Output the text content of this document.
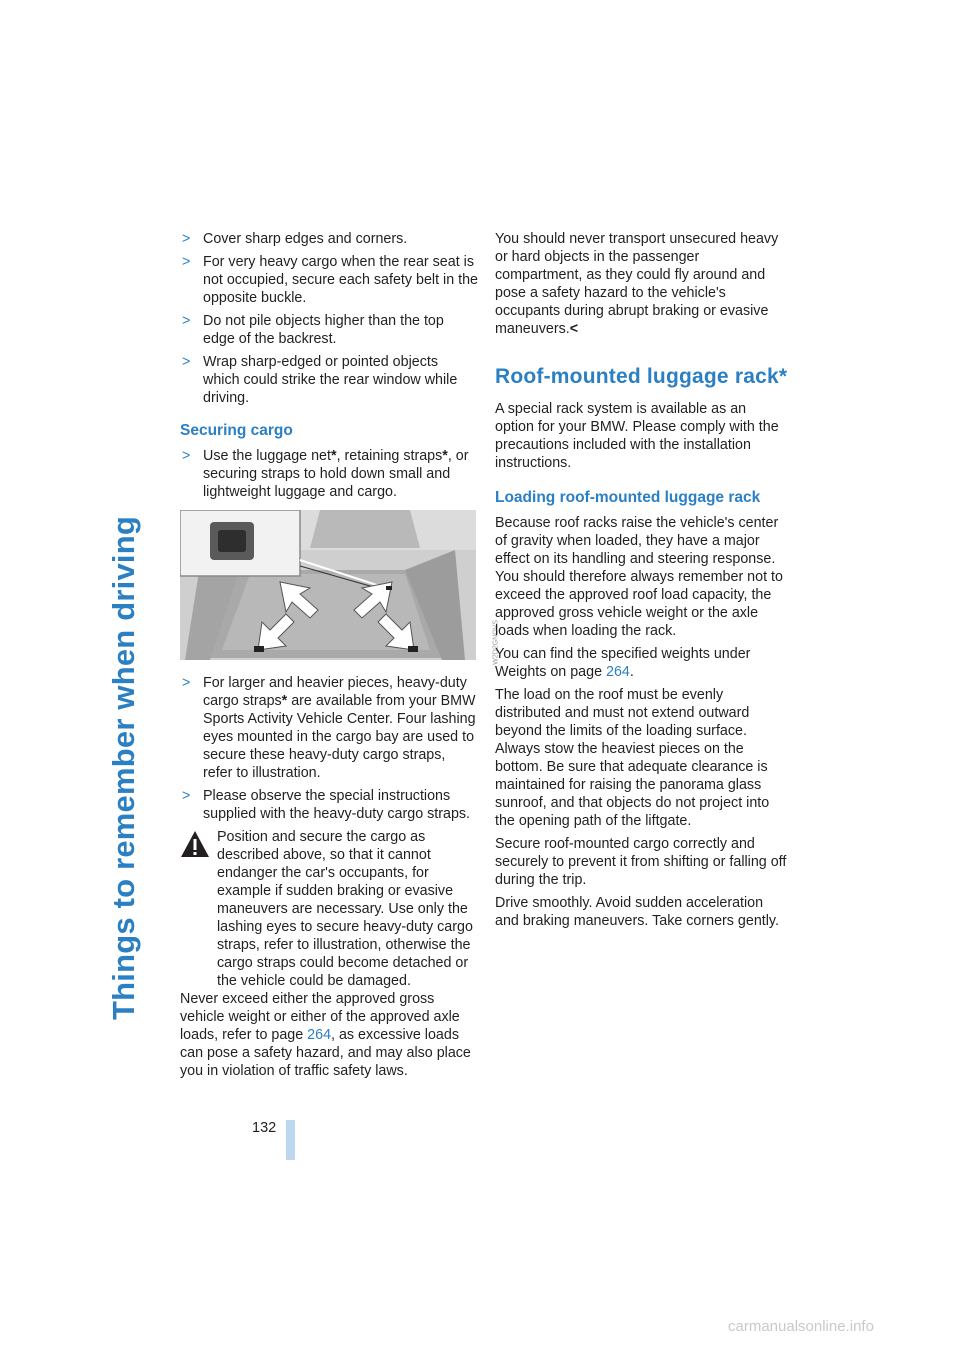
Things to remember when driving
> Cover sharp edges and corners.

> For very heavy cargo when the rear seat is not occupied, secure each safety belt in the opposite buckle.

> Do not pile objects higher than the top edge of the backrest.

> Wrap sharp-edged or pointed objects which could strike the rear window while driving.

Securing cargo
> Use the luggage net*, retaining straps*, or securing straps to hold down small and lightweight luggage and cargo.

W2D2GNOVS
> For larger and heavier pieces, heavy-duty cargo straps* are available from your BMW Sports Activity Vehicle Center. Four lashing eyes mounted in the cargo bay are used to secure these heavy-duty cargo straps, refer to illustration.

> Please observe the special instructions supplied with the heavy-duty cargo straps.

Position and secure the cargo as described above, so that it cannot endanger the car's occupants, for example if sudden braking or evasive maneuvers are necessary. Use only the lashing eyes to secure heavy-duty cargo straps, refer to illustration, otherwise the cargo straps could become detached or the vehicle could be damaged.

Never exceed either the approved gross vehicle weight or either of the approved axle loads, refer to page 264, as excessive loads can pose a safety hazard, and may also place you in violation of traffic safety laws.

You should never transport unsecured heavy or hard objects in the passenger compartment, as they could fly around and pose a safety hazard to the vehicle's occupants during abrupt braking or evasive maneuvers.<

Roof-mounted luggage rack*

A special rack system is available as an option for your BMW. Please comply with the precautions included with the installation instructions.

Loading roof-mounted luggage rack

Because roof racks raise the vehicle's center of gravity when loaded, they have a major effect on its handling and steering response. You should therefore always remember not to exceed the approved roof load capacity, the approved gross vehicle weight or the axle loads when loading the rack.

You can find the specified weights under Weights on page 264.

The load on the roof must be evenly distributed and must not extend outward beyond the limits of the loading surface. Always stow the heaviest pieces on the bottom. Be sure that adequate clearance is maintained for raising the panorama glass sunroof, and that objects do not project into the opening path of the liftgate.

Secure roof-mounted cargo correctly and securely to prevent it from shifting or falling off during the trip.

Drive smoothly. Avoid sudden acceleration and braking maneuvers. Take corners gently.

132
carmanualsonline.info
